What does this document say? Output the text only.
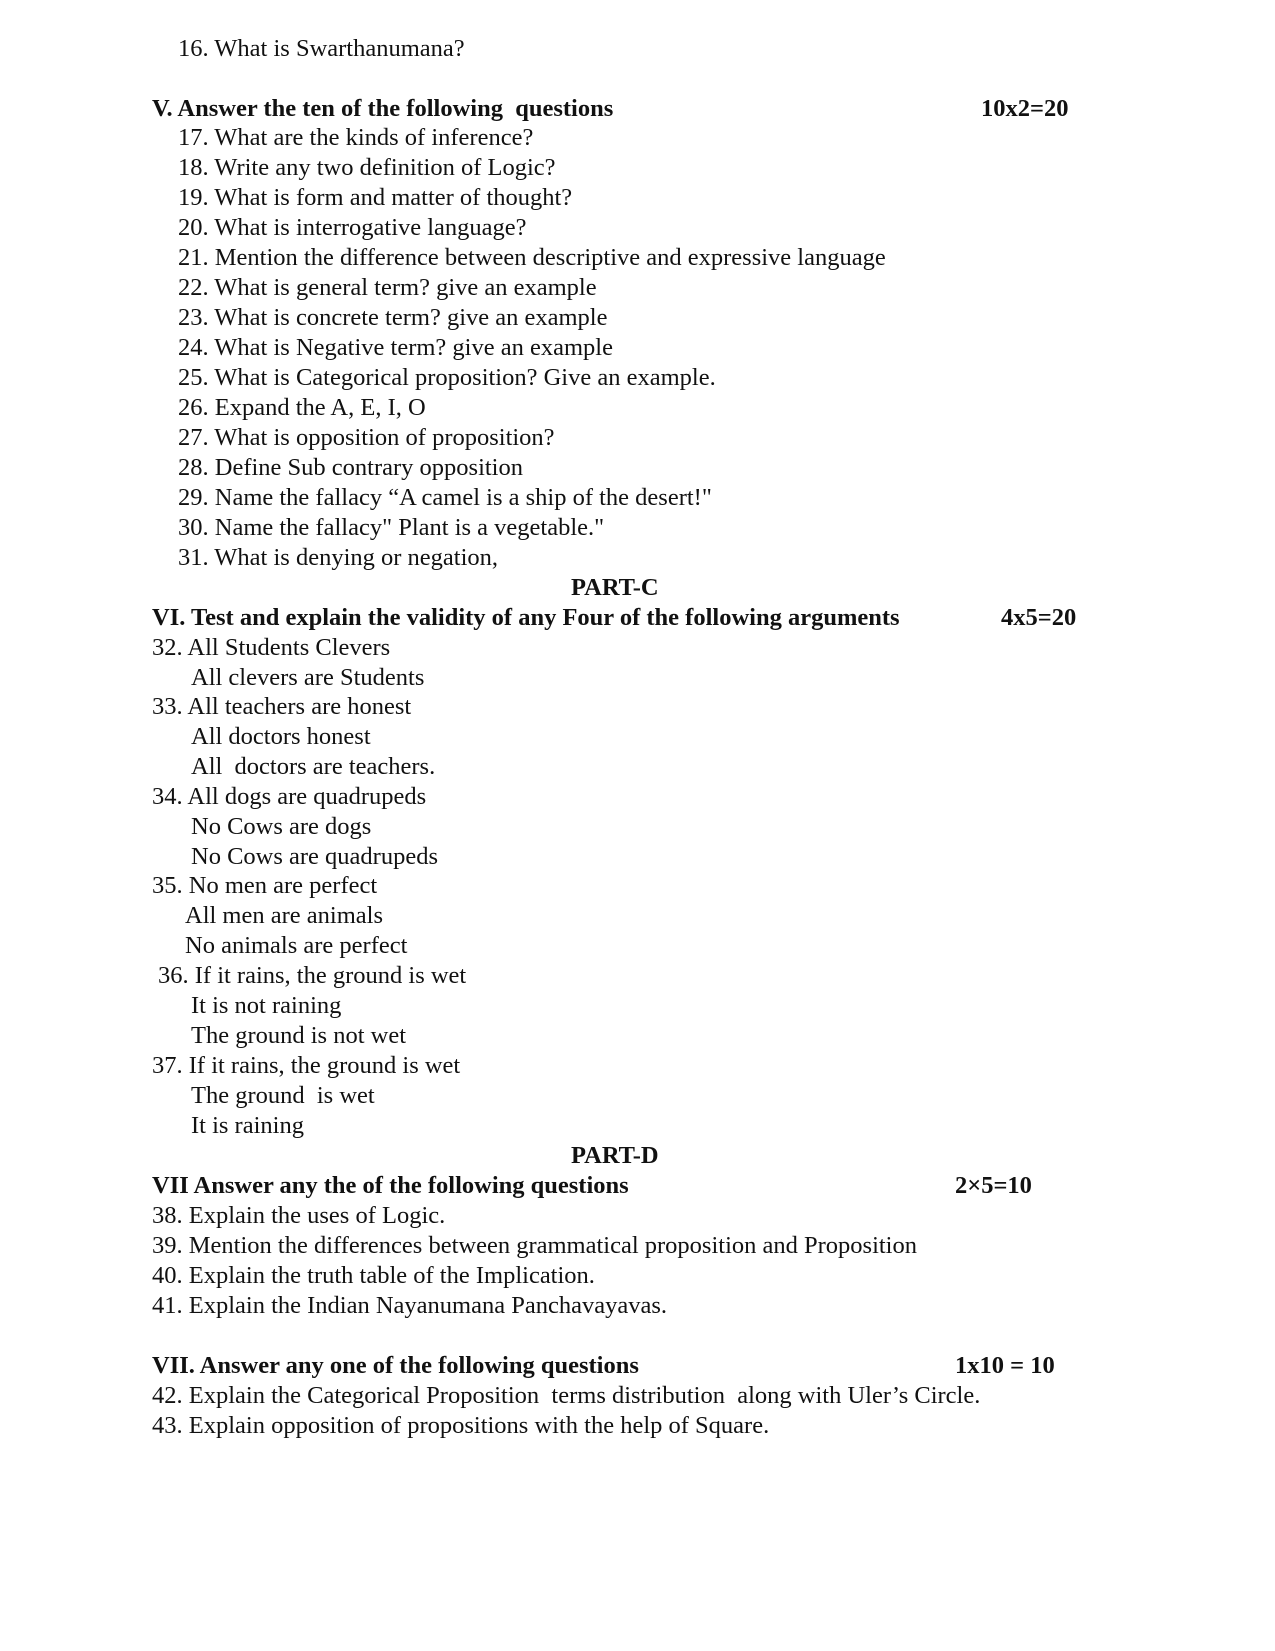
16. What is Swarthanumana?
V. Answer the ten of the following  questions	10x2=20
17. What are the kinds of inference?
18. Write any two definition of Logic?
19. What is form and matter of thought?
20. What is interrogative language?
21. Mention the difference between descriptive and expressive language
22. What is general term? give an example
23. What is concrete term? give an example
24. What is Negative term? give an example
25. What is Categorical proposition? Give an example.
26. Expand the A, E, I, O
27. What is opposition of proposition?
28. Define Sub contrary opposition
29. Name the fallacy “A camel is a ship of the desert!"
30. Name the fallacy" Plant is a vegetable."
31. What is denying or negation,
PART-C
VI. Test and explain the validity of any Four of the following arguments	4x5=20
32. All Students Clevers
All clevers are Students
33. All teachers are honest
All doctors honest
All  doctors are teachers.
34. All dogs are quadrupeds
No Cows are dogs
No Cows are quadrupeds
35. No men are perfect
All men are animals
No animals are perfect
36. If it rains, the ground is wet
It is not raining
The ground is not wet
37. If it rains, the ground is wet
The ground  is wet
It is raining
PART-D
VII Answer any the of the following questions	2×5=10
38. Explain the uses of Logic.
39. Mention the differences between grammatical proposition and Proposition
40. Explain the truth table of the Implication.
41. Explain the Indian Nayanumana Panchavayavas.
VII. Answer any one of the following questions	1x10 = 10
42. Explain the Categorical Proposition  terms distribution  along with Uler’s Circle.
43. Explain opposition of propositions with the help of Square.
